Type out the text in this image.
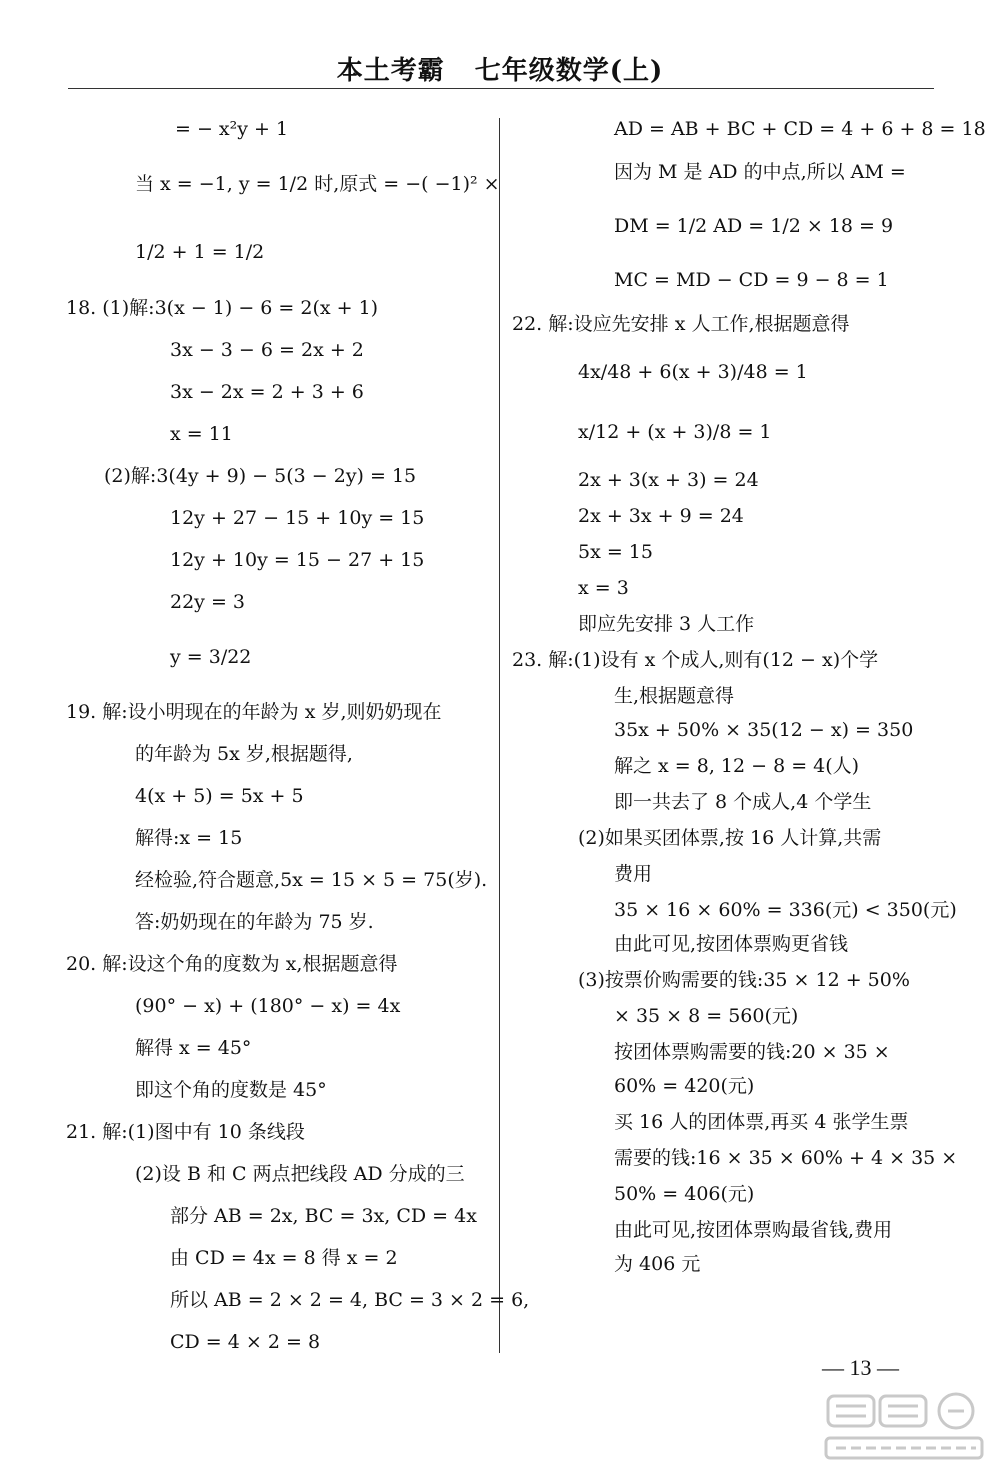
本土考霸 七年级数学(上)
= − x²y + 1
当 x = −1, y = 1/2 时,原式 = −( −1)² ×
1/2 + 1 = 1/2
18. (1)解:3(x − 1) − 6 = 2(x + 1)
3x − 3 − 6 = 2x + 2
3x − 2x = 2 + 3 + 6
x = 11
(2)解:3(4y + 9) − 5(3 − 2y) = 15
12y + 27 − 15 + 10y = 15
12y + 10y = 15 − 27 + 15
22y = 3
y = 3/22
19. 解:设小明现在的年龄为 x 岁,则奶奶现在
的年龄为 5x 岁,根据题得,
4(x + 5) = 5x + 5
解得:x = 15
经检验,符合题意,5x = 15 × 5 = 75(岁).
答:奶奶现在的年龄为 75 岁.
20. 解:设这个角的度数为 x,根据题意得
(90° − x) + (180° − x) = 4x
解得 x = 45°
即这个角的度数是 45°
21. 解:(1)图中有 10 条线段
(2)设 B 和 C 两点把线段 AD 分成的三
部分 AB = 2x, BC = 3x, CD = 4x
由 CD = 4x = 8 得 x = 2
所以 AB = 2 × 2 = 4, BC = 3 × 2 = 6,
CD = 4 × 2 = 8
AD = AB + BC + CD = 4 + 6 + 8 = 18
因为 M 是 AD 的中点,所以 AM =
DM = 1/2 AD = 1/2 × 18 = 9
MC = MD − CD = 9 − 8 = 1
22. 解:设应先安排 x 人工作,根据题意得
4x/48 + 6(x + 3)/48 = 1
x/12 + (x + 3)/8 = 1
2x + 3(x + 3) = 24
2x + 3x + 9 = 24
5x = 15
x = 3
即应先安排 3 人工作
23. 解:(1)设有 x 个成人,则有(12 − x)个学
生,根据题意得
35x + 50% × 35(12 − x) = 350
解之 x = 8, 12 − 8 = 4(人)
即一共去了 8 个成人,4 个学生
(2)如果买团体票,按 16 人计算,共需
费用
35 × 16 × 60% = 336(元) < 350(元)
由此可见,按团体票购更省钱
(3)按票价购需要的钱:35 × 12 + 50%
× 35 × 8 = 560(元)
按团体票购需要的钱:20 × 35 ×
60% = 420(元)
买 16 人的团体票,再买 4 张学生票
需要的钱:16 × 35 × 60% + 4 × 35 ×
50% = 406(元)
由此可见,按团体票购最省钱,费用
为 406 元
— 13 —
